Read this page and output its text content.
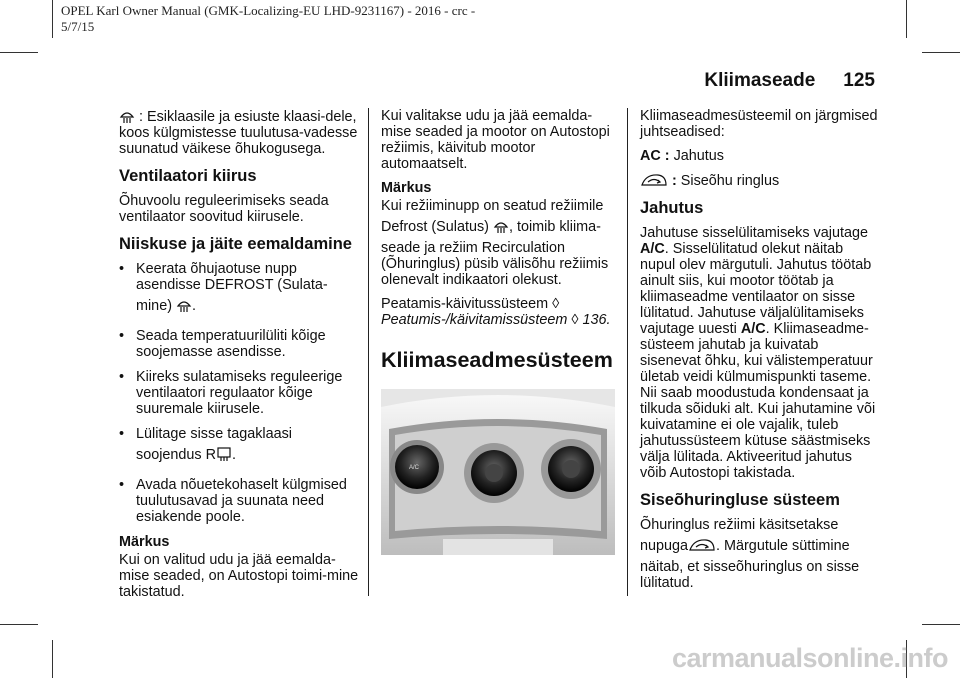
OPEL Karl Owner Manual (GMK-Localizing-EU LHD-9231167) - 2016 - crc -
5/7/15
Kliimaseade 125

: Esiklaasile ja esiuste klaasi-dele, koos külgmistesse tuulutusa-vadesse suunatud väikese õhukogusega.

Ventilaatori kiirus

Õhuvoolu reguleerimiseks seada ventilaator soovitud kiirusele.

Niiskuse ja jäite eemaldamine
• Keerata õhujaotuse nupp asendisse DEFROST (Sulata-
mine) .
• Seada temperatuurilüliti kõige soojemasse asendisse.
• Kiireks sulatamiseks reguleerige ventilaatori regulaator kõige suuremale kiirusele.
• Lülitage sisse tagaklaasi
soojendus R .
• Avada nõuetekohaselt külgmised tuulutusavad ja suunata need esiakende poole.
Märkus

Kui on valitud udu ja jää eemalda-mise seaded, on Autostopi toimi-mine takistatud.

Kui valitakse udu ja jää eemalda-mise seaded ja mootor on Autostopi režiimis, käivitub mootor automaatselt.

Märkus

Kui režiiminupp on seatud režiimile
Defrost (Sulatus) , toimib kliima-
seade ja režiim Recirculation (Õhuringlus) püsib välisõhu režiimis olenevalt indikaatori olekust.

Peatamis-käivitussüsteem ◊
Peatumis-/käivitamissüsteem ◊ 136.

Kliimaseadmesüsteem
A/C

Kliimaseadmesüsteemil on järgmised juhtseadised:

AC : Jahutus

: Siseõhu ringlus

Jahutus

Jahutuse sisselülitamiseks vajutage A/C. Sisselülitatud olekut näitab nupul olev märgutuli. Jahutus töötab ainult siis, kui mootor töötab ja kliimaseadme ventilaator on sisse lülitatud. Jahutuse väljalülitamiseks vajutage uuesti A/C. Kliimaseadme-süsteem jahutab ja kuivatab sisenevat õhku, kui välistemperatuur ületab veidi külmumispunkti taseme. Nii saab moodustuda kondensaat ja tilkuda sõiduki alt. Kui jahutamine või kuivatamine ei ole vajalik, tuleb jahutussüsteem kütuse säästmiseks välja lülitada. Aktiveeritud jahutus võib Autostopi takistada.

Siseõhuringluse süsteem

Õhuringlus režiimi käsitsetakse
nupuga . Märgutule süttimine
näitab, et sisseõhuringlus on sisse lülitatud.

carmanualsonline.info
